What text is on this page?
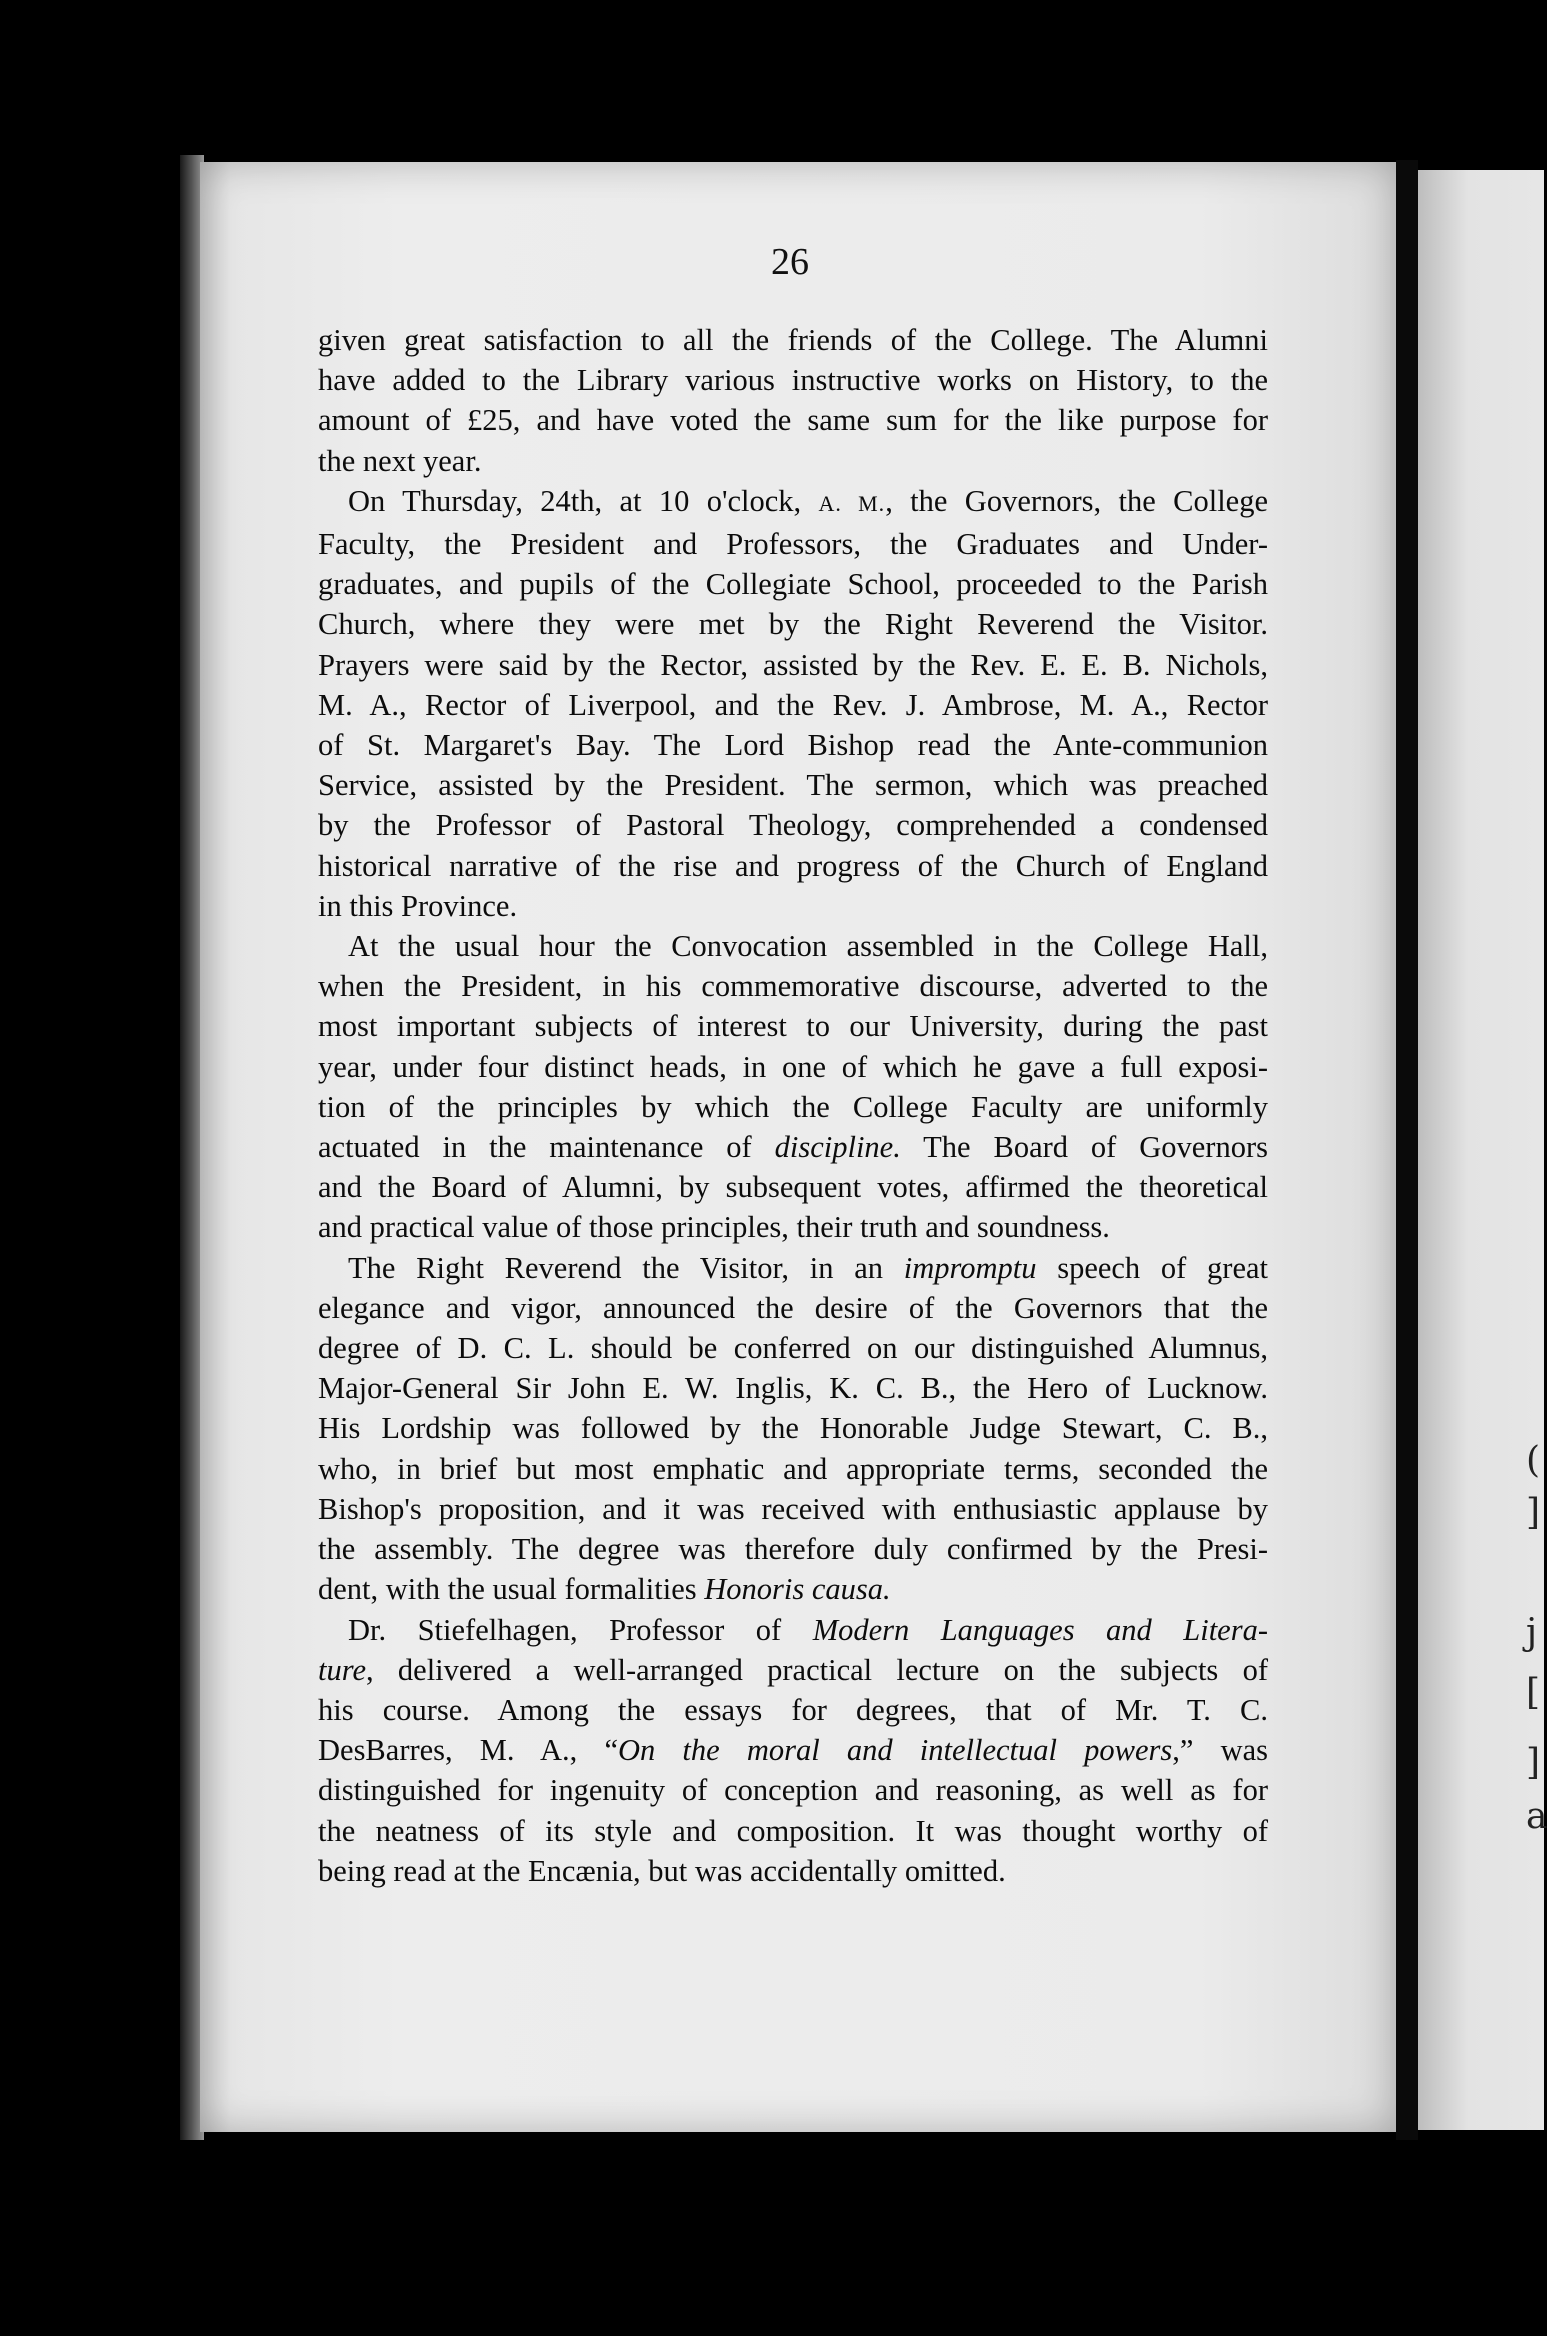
26
given great satisfaction to all the friends of the College. The Alumni
have added to the Library various instructive works on History, to the
amount of £25, and have voted the same sum for the like purpose for
the next year.
On Thursday, 24th, at 10 o'clock, A. M., the Governors, the College
Faculty, the President and Professors, the Graduates and Under-
graduates, and pupils of the Collegiate School, proceeded to the Parish
Church, where they were met by the Right Reverend the Visitor.
Prayers were said by the Rector, assisted by the Rev. E. E. B. Nichols,
M. A., Rector of Liverpool, and the Rev. J. Ambrose, M. A., Rector
of St. Margaret's Bay. The Lord Bishop read the Ante-communion
Service, assisted by the President. The sermon, which was preached
by the Professor of Pastoral Theology, comprehended a condensed
historical narrative of the rise and progress of the Church of England
in this Province.
At the usual hour the Convocation assembled in the College Hall,
when the President, in his commemorative discourse, adverted to the
most important subjects of interest to our University, during the past
year, under four distinct heads, in one of which he gave a full exposi-
tion of the principles by which the College Faculty are uniformly
actuated in the maintenance of discipline. The Board of Governors
and the Board of Alumni, by subsequent votes, affirmed the theoretical
and practical value of those principles, their truth and soundness.
The Right Reverend the Visitor, in an impromptu speech of great
elegance and vigor, announced the desire of the Governors that the
degree of D. C. L. should be conferred on our distinguished Alumnus,
Major-General Sir John E. W. Inglis, K. C. B., the Hero of Lucknow.
His Lordship was followed by the Honorable Judge Stewart, C. B.,
who, in brief but most emphatic and appropriate terms, seconded the
Bishop's proposition, and it was received with enthusiastic applause by
the assembly. The degree was therefore duly confirmed by the Presi-
dent, with the usual formalities Honoris causa.
Dr. Stiefelhagen, Professor of Modern Languages and Litera-
ture, delivered a well-arranged practical lecture on the subjects of
his course. Among the essays for degrees, that of Mr. T. C.
DesBarres, M. A., “On the moral and intellectual powers,” was
distinguished for ingenuity of conception and reasoning, as well as for
the neatness of its style and composition. It was thought worthy of
being read at the Encænia, but was accidentally omitted.
(
]
j
[
]
a
